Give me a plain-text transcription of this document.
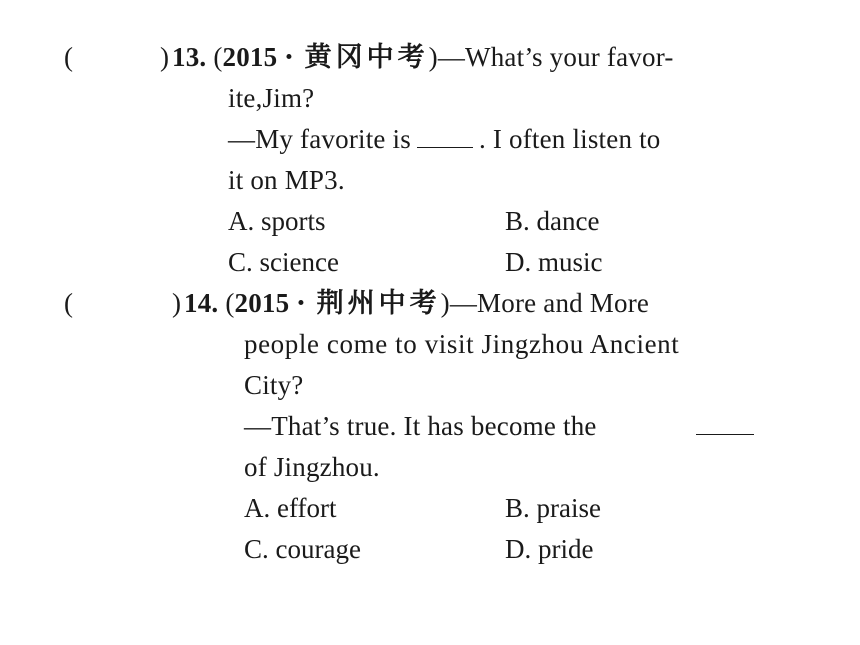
(	) 13. (2015 · 黄冈中考)—What’s your favor-
ite,Jim?
—My favorite is	. I often listen to
it on MP3.
A. sports	B. dance
C. science	D. music
(	) 14. (2015 · 荆州中考)—More and More
people come to visit Jingzhou Ancient
City?
—That’s true. It has become the
of Jingzhou.
A. effort	B. praise
C. courage	D. pride
